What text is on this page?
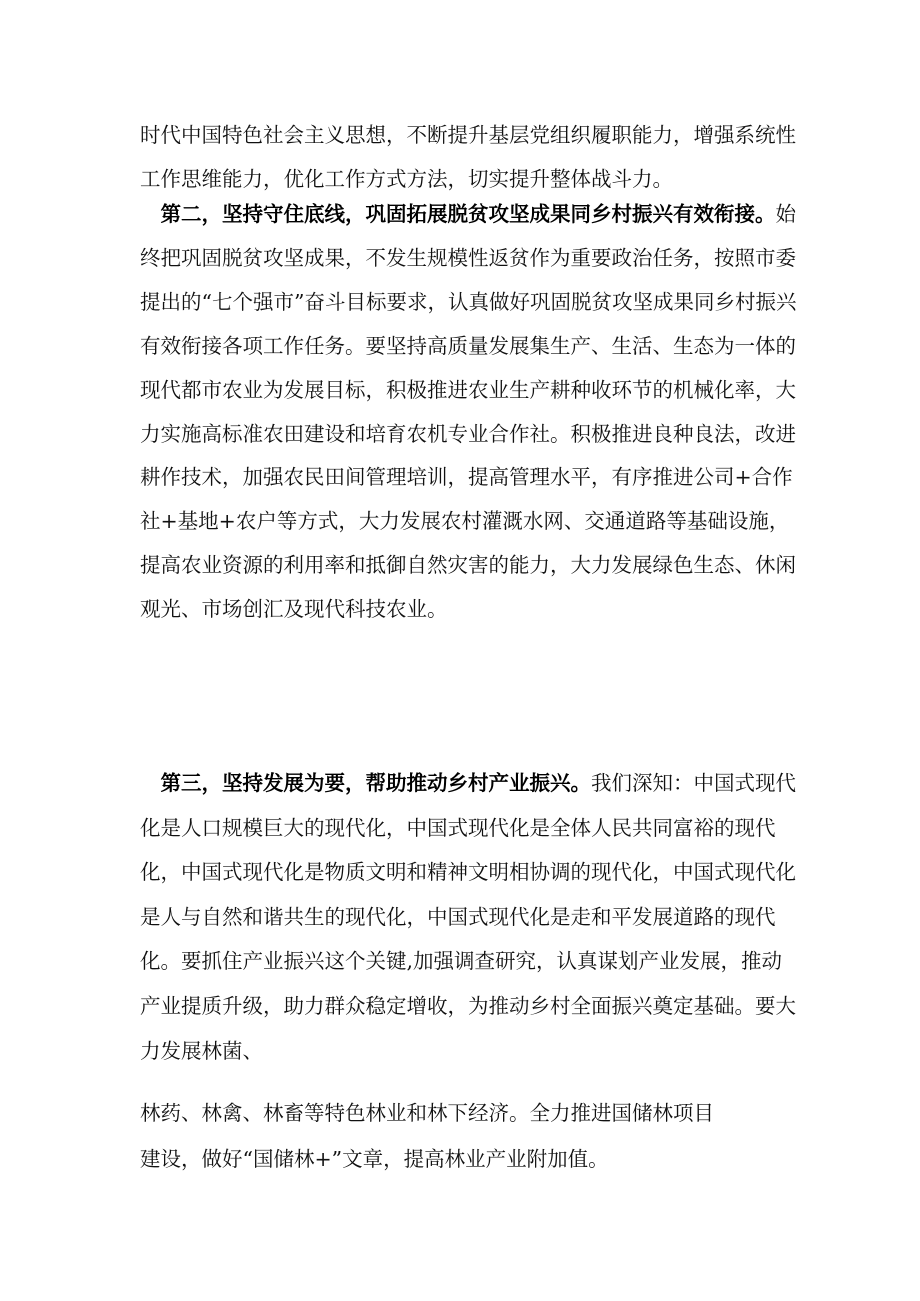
时代中国特色社会主义思想，不断提升基层党组织履职能力，增强系统性工作思维能力，优化工作方式方法，切实提升整体战斗力。

第二，坚持守住底线，巩固拓展脱贫攻坚成果同乡村振兴有效衔接。始终把巩固脱贫攻坚成果，不发生规模性返贫作为重要政治任务，按照市委提出的“七个强市”奋斗目标要求，认真做好巩固脱贫攻坚成果同乡村振兴有效衔接各项工作任务。要坚持高质量发展集生产、生活、生态为一体的现代都市农业为发展目标，积极推进农业生产耕种收环节的机械化率，大力实施高标准农田建设和培育农机专业合作社。积极推进良种良法，改进耕作技术，加强农民田间管理培训，提高管理水平，有序推进公司+合作社+基地+农户等方式，大力发展农村灌溉水网、交通道路等基础设施，提高农业资源的利用率和抵御自然灾害的能力，大力发展绿色生态、休闲观光、市场创汇及现代科技农业。

第三，坚持发展为要，帮助推动乡村产业振兴。我们深知：中国式现代化是人口规模巨大的现代化，中国式现代化是全体人民共同富裕的现代化，中国式现代化是物质文明和精神文明相协调的现代化，中国式现代化是人与自然和谐共生的现代化，中国式现代化是走和平发展道路的现代化。要抓住产业振兴这个关键,加强调查研究，认真谋划产业发展，推动产业提质升级，助力群众稳定增收，为推动乡村全面振兴奠定基础。要大力发展林菌、

林药、林禽、林畜等特色林业和林下经济。全力推进国储林项目
建设，做好“国储林+”文章，提高林业产业附加值。
